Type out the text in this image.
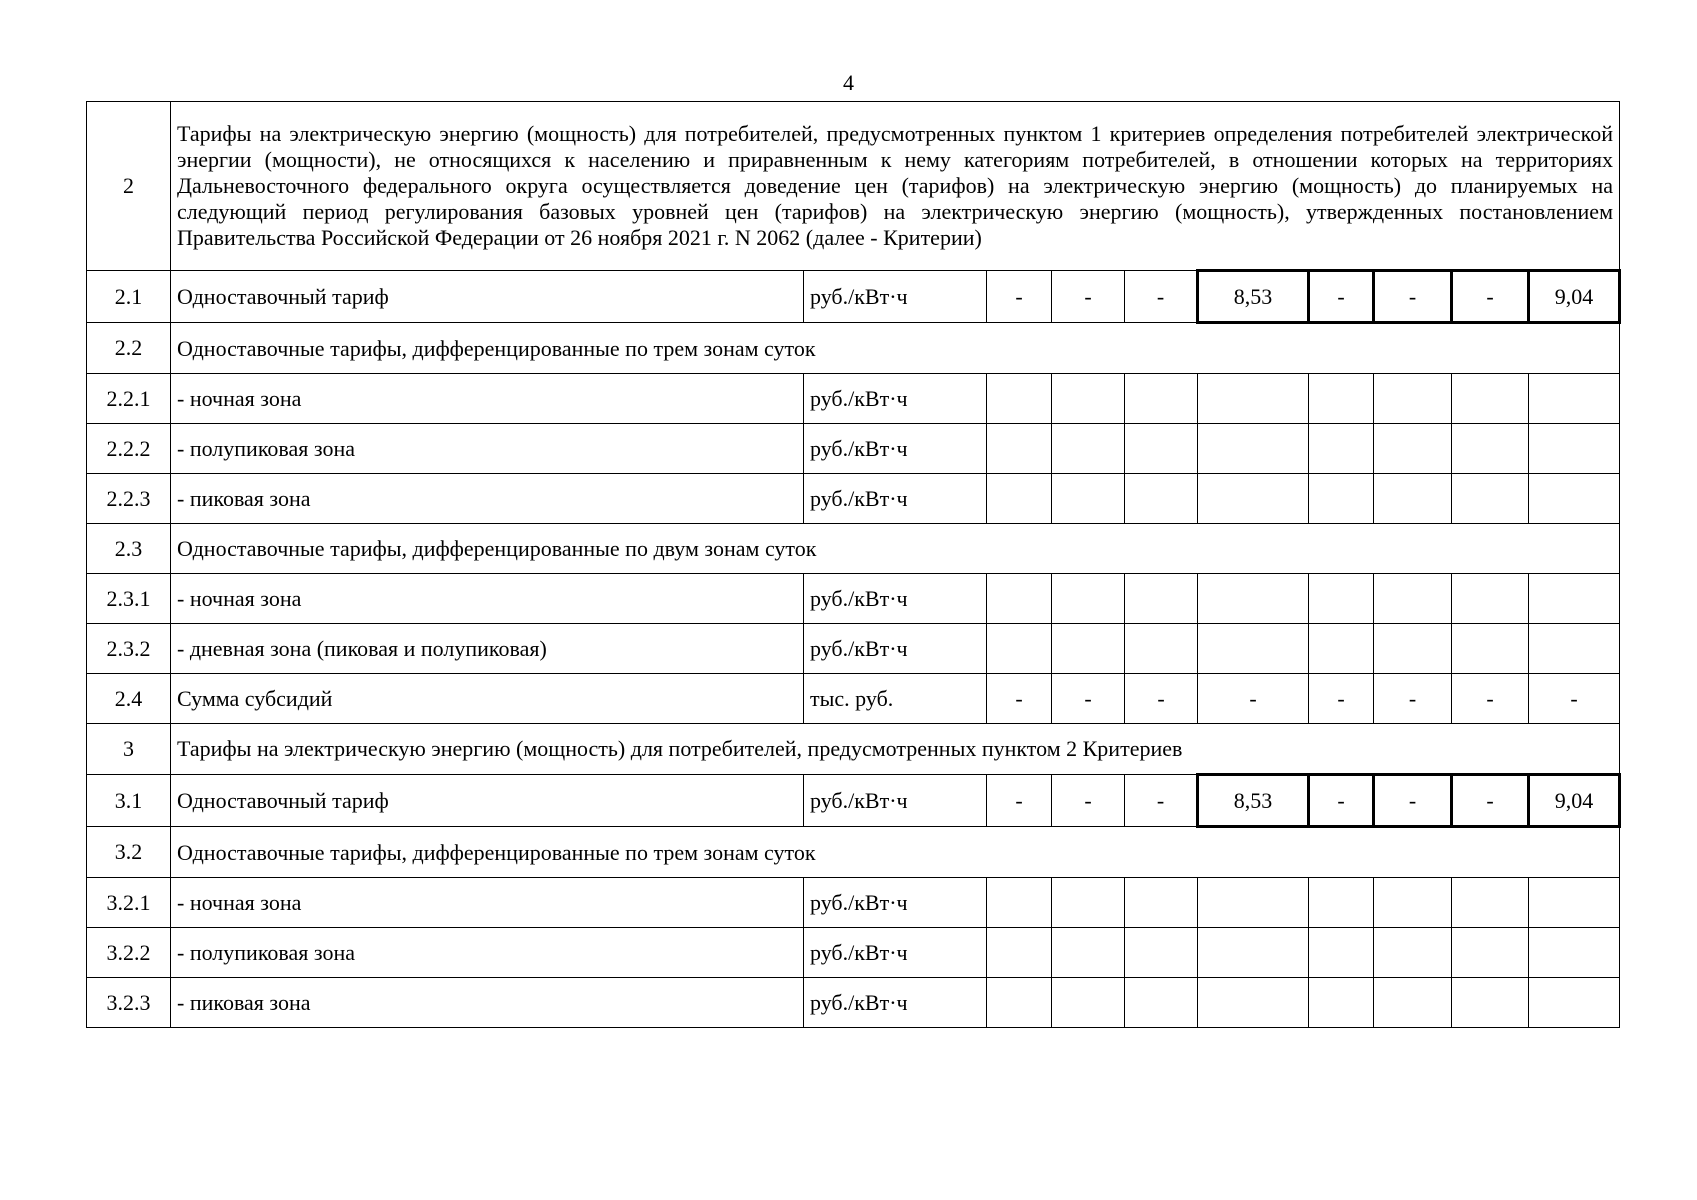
4
2	Тарифы на электрическую энергию (мощность) для потребителей, предусмотренных пунктом 1 критериев определения потребителей электрической энергии (мощности), не относящихся к населению и приравненным к нему категориям потребителей, в отношении которых на территориях Дальневосточного федерального округа осуществляется доведение цен (тарифов) на электрическую энергию (мощность) до планируемых на следующий период регулирования базовых уровней цен (тарифов) на электрическую энергию (мощность), утвержденных постановлением Правительства Российской Федерации от 26 ноября 2021 г. N 2062 (далее - Критерии)									
2.1	Одноставочный тариф	руб./кВт·ч	-	-	-	8,53	-	-	-	9,04
2.2	Одноставочные тарифы, дифференцированные по трем зонам суток									
2.2.1	- ночная зона	руб./кВт·ч								
2.2.2	- полупиковая зона	руб./кВт·ч								
2.2.3	- пиковая зона	руб./кВт·ч								
2.3	Одноставочные тарифы, дифференцированные по двум зонам суток									
2.3.1	- ночная зона	руб./кВт·ч								
2.3.2	- дневная зона (пиковая и полупиковая)	руб./кВт·ч								
2.4	Сумма субсидий	тыс. руб.	-	-	-	-	-	-	-	-
3	Тарифы на электрическую энергию (мощность) для потребителей, предусмотренных пунктом 2 Критериев									
3.1	Одноставочный тариф	руб./кВт·ч	-	-	-	8,53	-	-	-	9,04
3.2	Одноставочные тарифы, дифференцированные по трем зонам суток									
3.2.1	- ночная зона	руб./кВт·ч								
3.2.2	- полупиковая зона	руб./кВт·ч								
3.2.3	- пиковая зона	руб./кВт·ч								
